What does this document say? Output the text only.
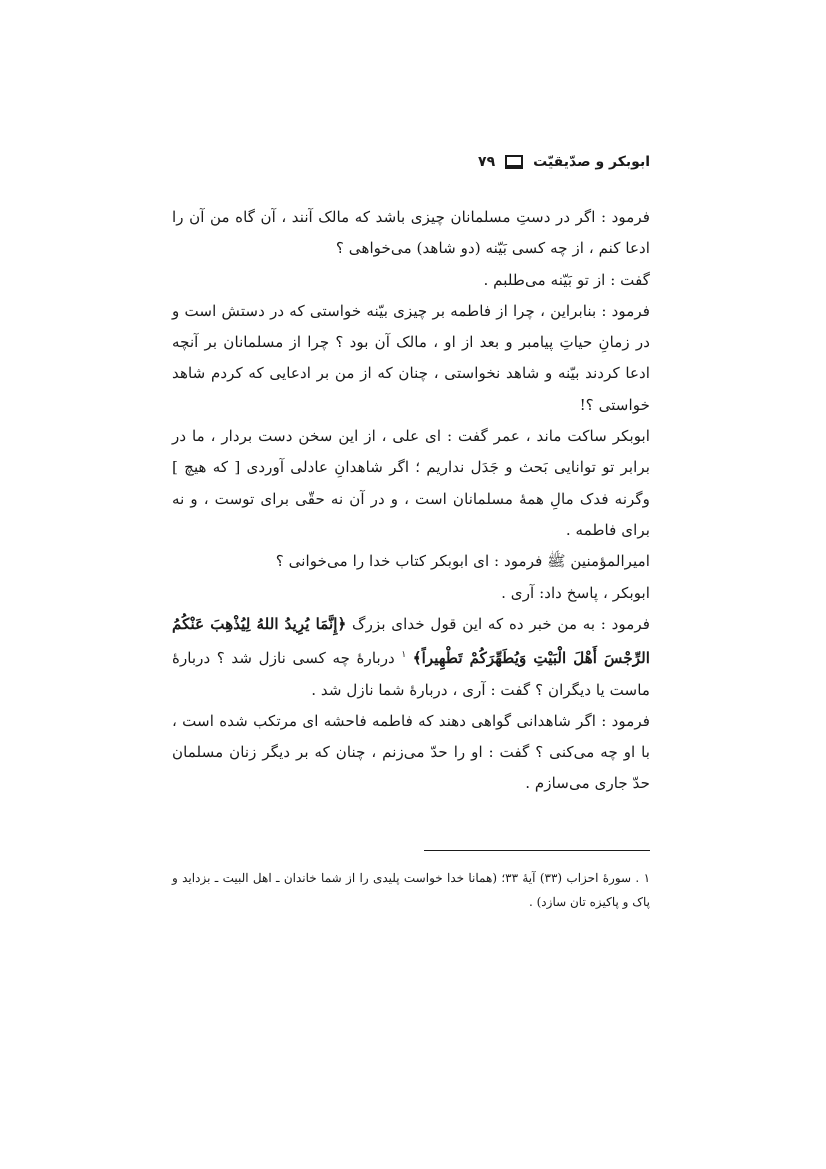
ابوبکر و صدّیقیّت
۷۹

فرمود : اگر در دستِ مسلمانان چیزی باشد که مالک آنند ، آن گاه من آن را ادعا کنم ، از چه کسی بَیّنه (دو شاهد) می‌خواهی ؟

گفت : از تو بَیّنه می‌طلبم .

فرمود : بنابراین ، چرا از فاطمه بر چیزی بیّنه خواستی که در دستش است و در زمانِ حیاتِ پیامبر و بعد از او ، مالک آن بود ؟ چرا از مسلمانان بر آنچه ادعا کردند بیّنه و شاهد نخواستی ، چنان که از من بر ادعایی که کردم شاهد خواستی ؟!

ابوبکر ساکت ماند ، عمر گفت : ای علی ، از این سخن دست بردار ، ما در برابر تو توانایی بَحث و جَدَل نداریم ؛ اگر شاهدانِ عادلی آوردی [ که هیچ ] وگرنه فدک مالِ همهٔ مسلمانان است ، و در آن نه حقّی برای توست ، و نه برای فاطمه .

امیرالمؤمنین ﷺ فرمود : ای ابوبکر کتاب خدا را می‌خوانی ؟

ابوبکر ، پاسخ داد: آری .

فرمود : به من خبر ده که این قول خدای بزرگ ﴿إِنَّمَا يُرِيدُ اللهُ لِيُذْهِبَ عَنْكُمُ الرِّجْسَ أَهْلَ الْبَيْتِ وَيُطَهِّرَكُمْ تَطْهِيراً﴾ $^۱$ دربارهٔ چه کسی نازل شد ؟ دربارهٔ ماست یا دیگران ؟ گفت : آری ، دربارهٔ شما نازل شد .

فرمود : اگر شاهدانی گواهی دهند که فاطمه فاحشه ای مرتکب شده است ، با او چه می‌کنی ؟ گفت : او را حدّ می‌زنم ، چنان که بر دیگر زنان مسلمان حدّ جاری می‌سازم .

۱ . سورهٔ احزاب (۳۳) آیهٔ ۳۳؛ (همانا خدا خواست پلیدی را از شما خاندان ـ اهل البیت ـ بزداید و پاک و پاکیزه تان سازد) .
